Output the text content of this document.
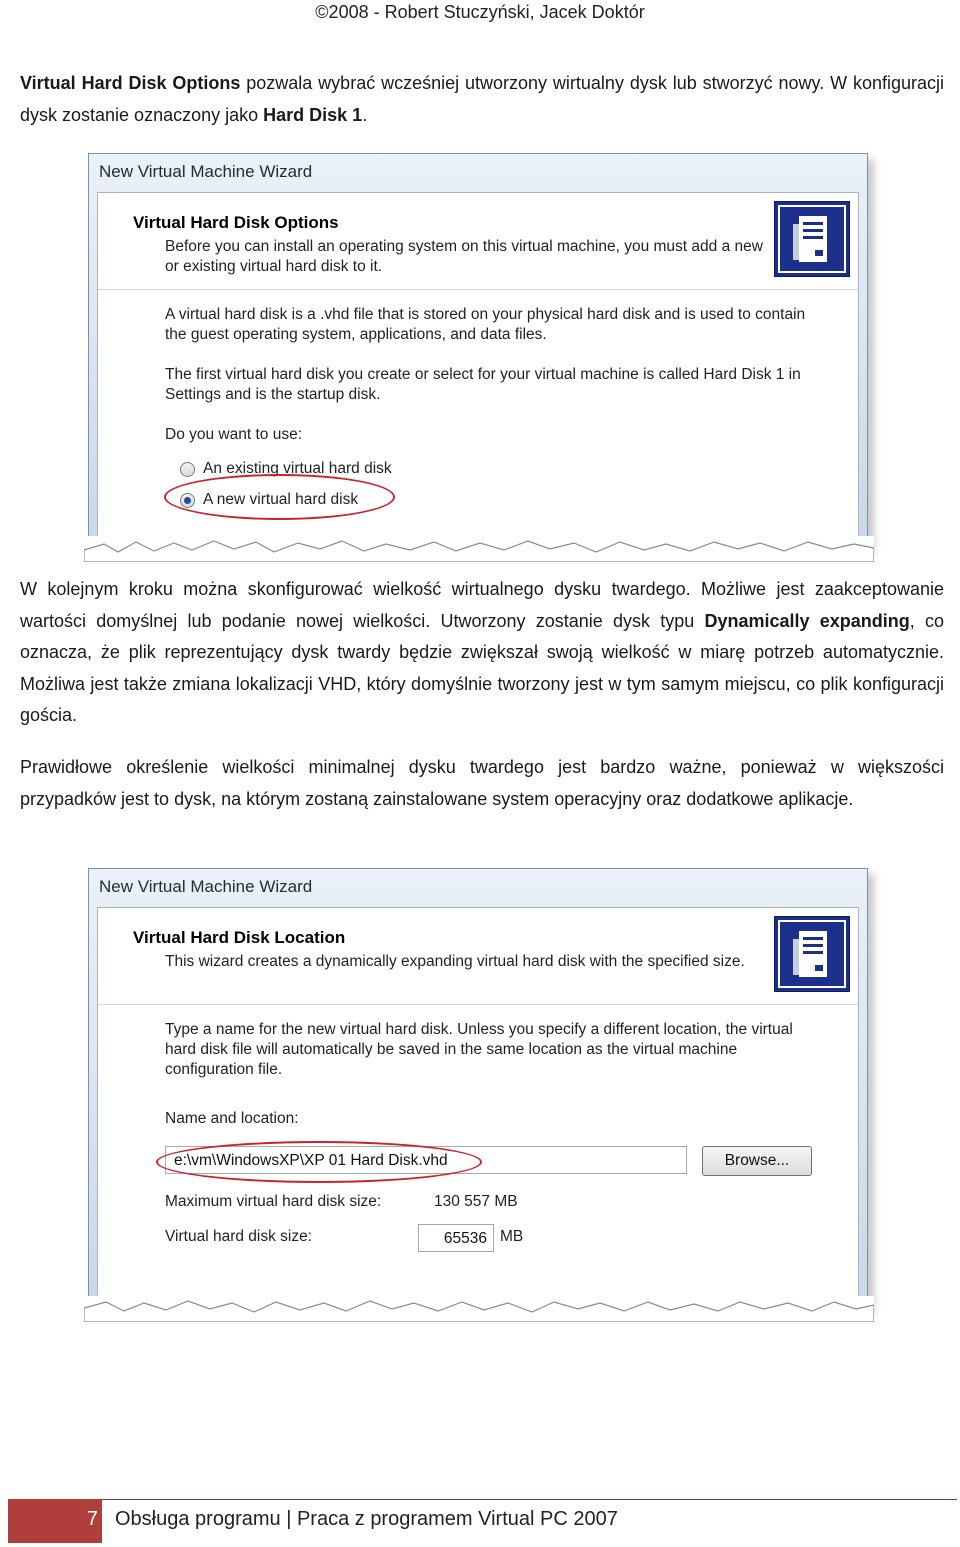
©2008 - Robert Stuczyński, Jacek Doktór
Virtual Hard Disk Options pozwala wybrać wcześniej utworzony wirtualny dysk lub stworzyć nowy. W konfiguracji dysk zostanie oznaczony jako Hard Disk 1.
New Virtual Machine Wizard
Virtual Hard Disk Options
Before you can install an operating system on this virtual machine, you must add a new or existing virtual hard disk to it.
A virtual hard disk is a .vhd file that is stored on your physical hard disk and is used to contain the guest operating system, applications, and data files.
The first virtual hard disk you create or select for your virtual machine is called Hard Disk 1 in Settings and is the startup disk.
Do you want to use:
An existing virtual hard disk
A new virtual hard disk
W kolejnym kroku można skonfigurować wielkość wirtualnego dysku twardego. Możliwe jest zaakceptowanie wartości domyślnej lub podanie nowej wielkości. Utworzony zostanie dysk typu Dynamically expanding, co oznacza, że plik reprezentujący dysk twardy będzie zwiększał swoją wielkość w miarę potrzeb automatycznie. Możliwa jest także zmiana lokalizacji VHD, który domyślnie tworzony jest w tym samym miejscu, co plik konfiguracji gościa.
Prawidłowe określenie wielkości minimalnej dysku twardego jest bardzo ważne, ponieważ w większości przypadków jest to dysk, na którym zostaną zainstalowane system operacyjny oraz dodatkowe aplikacje.
New Virtual Machine Wizard
Virtual Hard Disk Location
This wizard creates a dynamically expanding virtual hard disk with the specified size.
Type a name for the new virtual hard disk. Unless you specify a different location, the virtual hard disk file will automatically be saved in the same location as the virtual machine configuration file.
Name and location:
e:\vm\WindowsXP\XP 01 Hard Disk.vhd	Browse...
Maximum virtual hard disk size:	130 557 MB
Virtual hard disk size:	65536 MB
7 Obsługa programu | Praca z programem Virtual PC 2007
